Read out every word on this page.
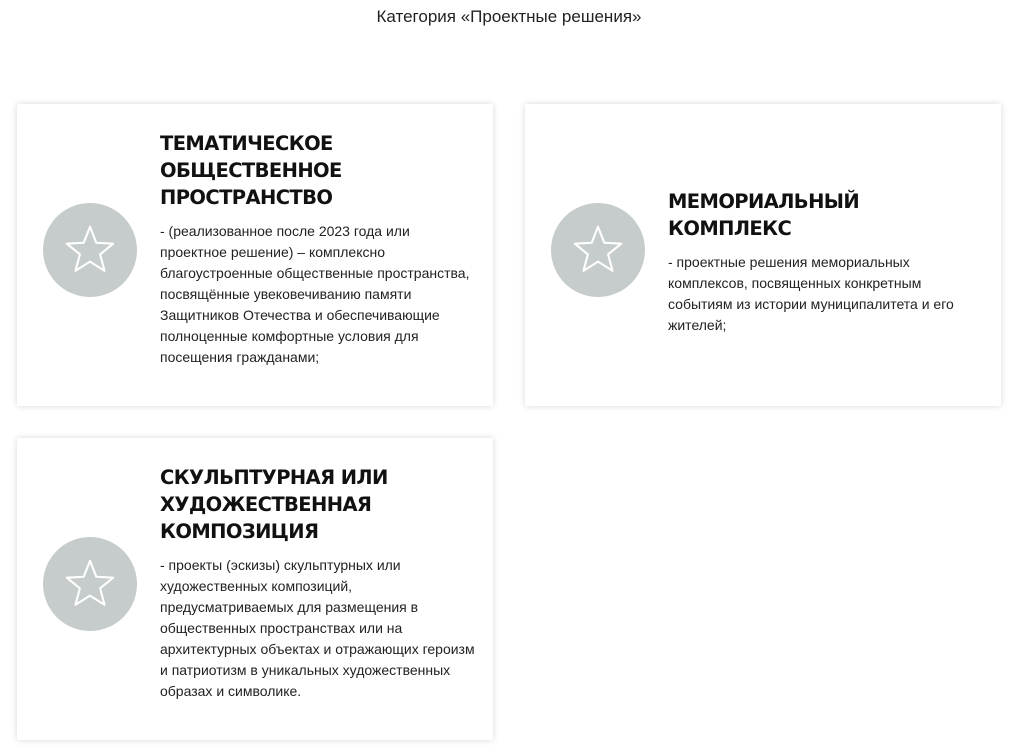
Категория «Проектные решения»
ТЕМАТИЧЕСКОЕ ОБЩЕСТВЕННОЕ ПРОСТРАНСТВО
- (реализованное после 2023 года или проектное решение) – комплексно благоустроенные общественные пространства, посвящённые увековечиванию памяти Защитников Отечества и обеспечивающие полноценные комфортные условия для посещения гражданами;
МЕМОРИАЛЬНЫЙ КОМПЛЕКС
- проектные решения мемориальных комплексов, посвященных конкретным событиям из истории муниципалитета и его жителей;
СКУЛЬПТУРНАЯ ИЛИ ХУДОЖЕСТВЕННАЯ КОМПОЗИЦИЯ
- проекты (эскизы) скульптурных или художественных композиций, предусматриваемых для размещения в общественных пространствах или на архитектурных объектах и отражающих героизм и патриотизм в уникальных художественных образах и символике.
